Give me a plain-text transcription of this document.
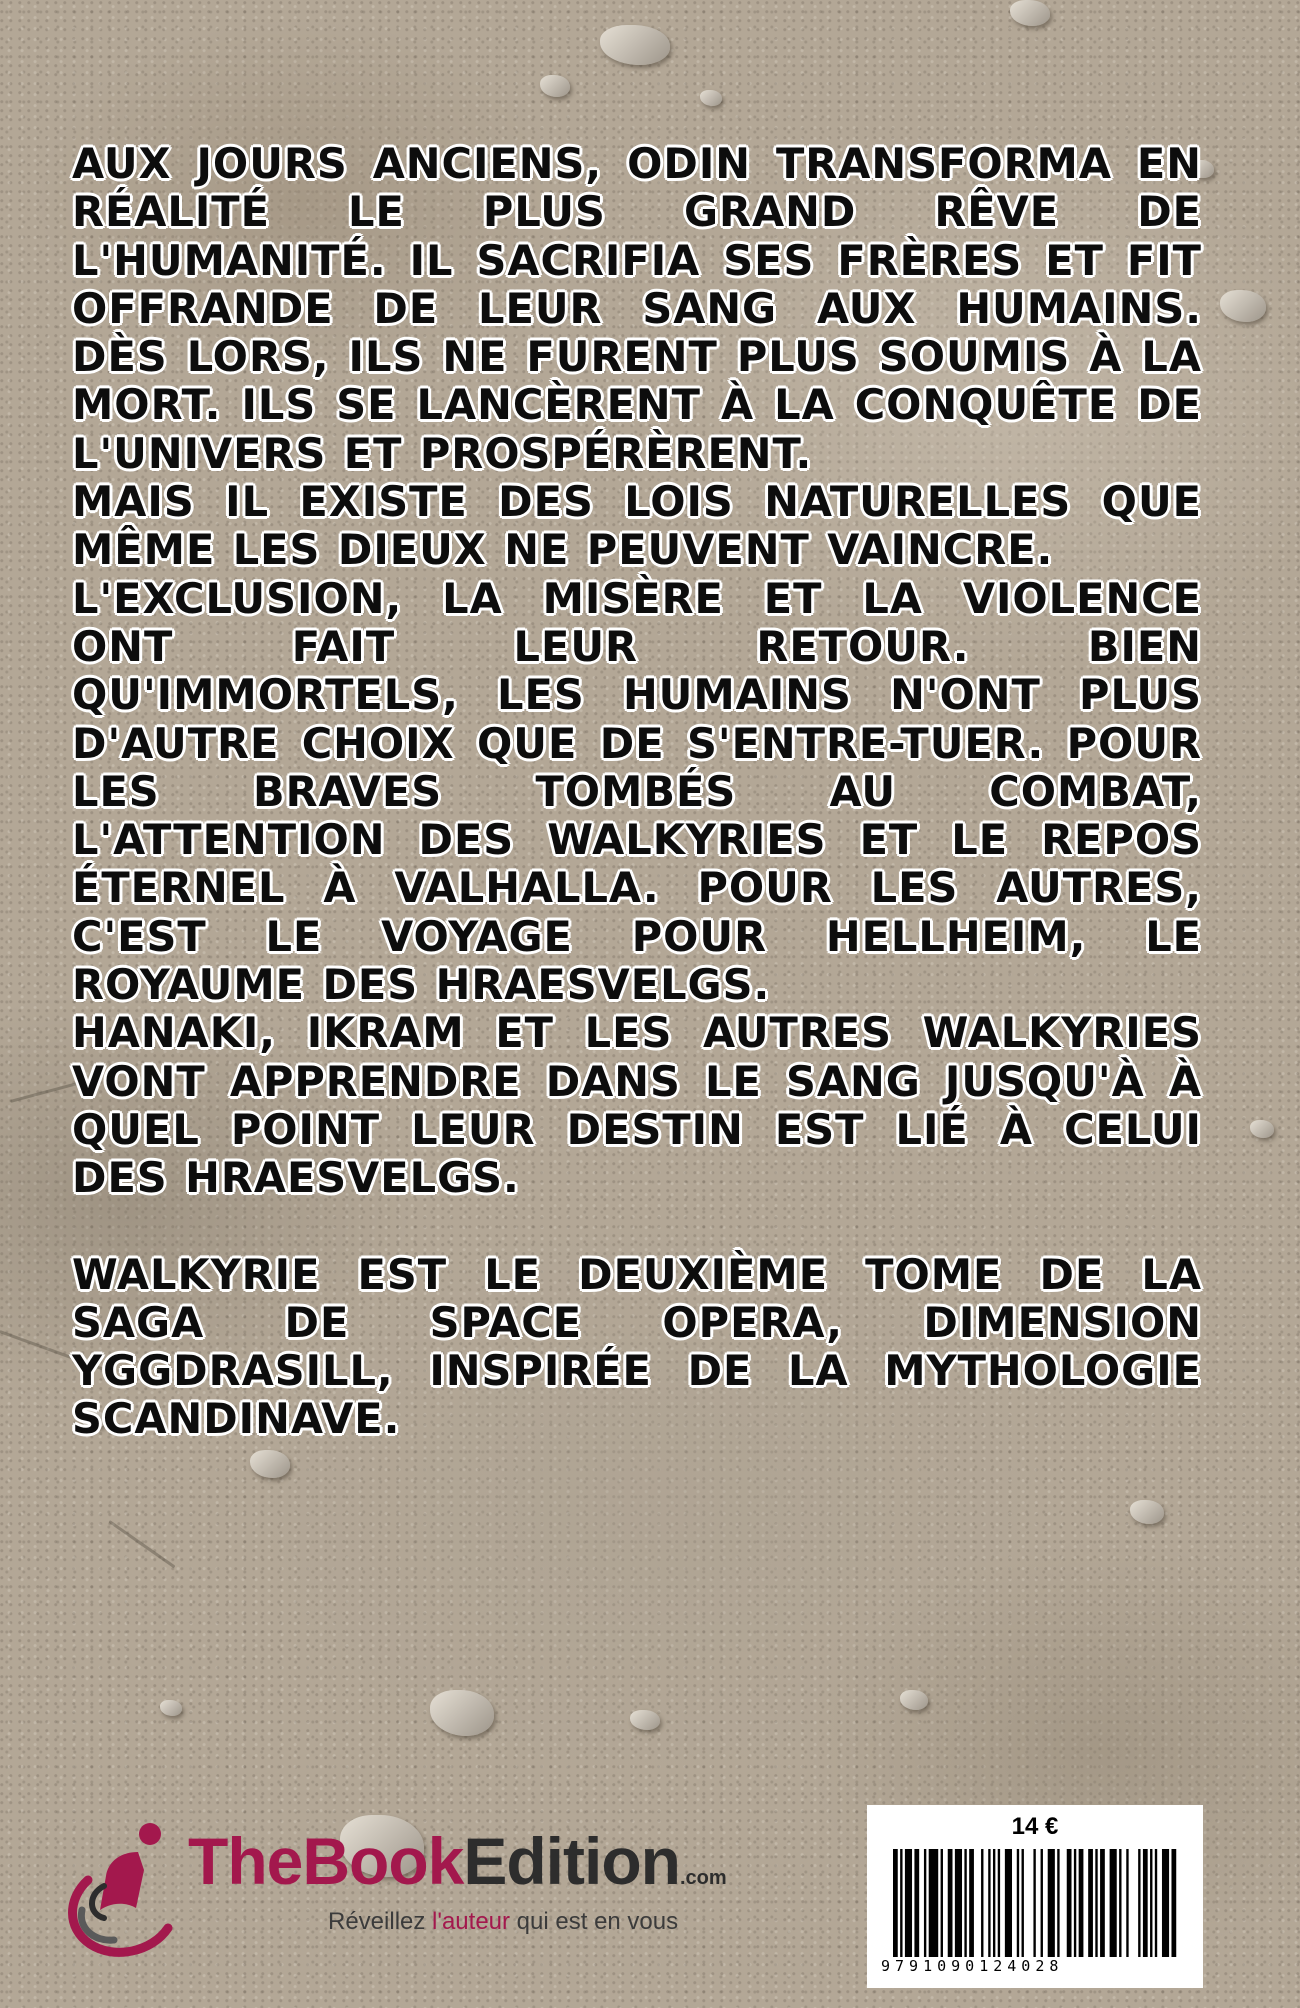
AUX JOURS ANCIENS, ODIN TRANSFORMA EN RÉALITÉ LE PLUS GRAND RÊVE DE L'HUMANITÉ. IL SACRIFIA SES FRÈRES ET FIT OFFRANDE DE LEUR SANG AUX HUMAINS. DÈS LORS, ILS NE FURENT PLUS SOUMIS À LA MORT. ILS SE LANCÈRENT À LA CONQUÊTE DE L'UNIVERS ET PROSPÉRÈRENT.

MAIS IL EXISTE DES LOIS NATURELLES QUE MÊME LES DIEUX NE PEUVENT VAINCRE.

L'EXCLUSION, LA MISÈRE ET LA VIOLENCE ONT FAIT LEUR RETOUR. BIEN QU'IMMORTELS, LES HUMAINS N'ONT PLUS D'AUTRE CHOIX QUE DE S'ENTRE-TUER. POUR LES BRAVES TOMBÉS AU COMBAT, L'ATTENTION DES WALKYRIES ET LE REPOS ÉTERNEL À VALHALLA. POUR LES AUTRES, C'EST LE VOYAGE POUR HELLHEIM, LE ROYAUME DES HRAESVELGS.

HANAKI, IKRAM ET LES AUTRES WALKYRIES VONT APPRENDRE DANS LE SANG JUSQU'À À QUEL POINT LEUR DESTIN EST LIÉ À CELUI DES HRAESVELGS.

WALKYRIE EST LE DEUXIÈME TOME DE LA SAGA DE SPACE OPERA, DIMENSION YGGDRASILL, INSPIRÉE DE LA MYTHOLOGIE SCANDINAVE.

TheBookEdition.com
Réveillez l'auteur qui est en vous
14 €
9791090124028
